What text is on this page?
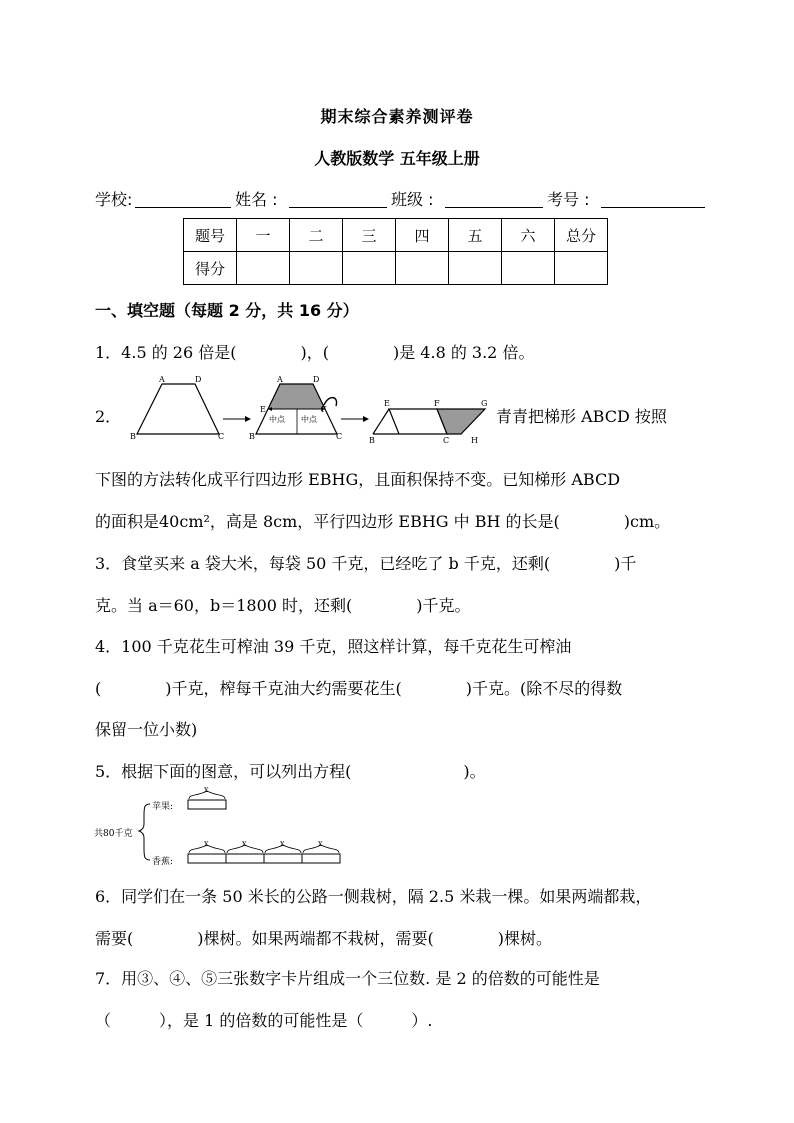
期末综合素养测评卷
人教版数学 五年级上册
学校:	姓名 :	班级 :	考号 :
题号	一	二	三	四	五	六	总分
得分							
一、填空题（每题 2 分，共 16 分）
1．4.5 的 26 倍是(　　　　)，(　　　　)是 4.8 的 3.2 倍。
2．
A	D
B	C
A	D
E	F
中点 中点
B	C
E	F	G
B	C	H
青青把梯形 ABCD 按照
下图的方法转化成平行四边形 EBHG，且面积保持不变。已知梯形 ABCD
的面积是40cm²，高是 8cm，平行四边形 EBHG 中 BH 的长是(　　　　)cm。
3．食堂买来 a 袋大米，每袋 50 千克，已经吃了 b 千克，还剩(　　　　)千
克。当 a＝60，b＝1800 时，还剩(　　　　)千克。
4．100 千克花生可榨油 39 千克，照这样计算，每千克花生可榨油
(　　　　)千克，榨每千克油大约需要花生(　　　　)千克。(除不尽的得数
保留一位小数)
5．根据下面的图意，可以列出方程(　　　　　　　)。
共80千克
苹果:
x
香蕉:
x	x	x	x
6．同学们在一条 50 米长的公路一侧栽树，隔 2.5 米栽一棵。如果两端都栽，
需要(　　　　)棵树。如果两端都不栽树，需要(　　　　)棵树。
7．用③、④、⑤三张数字卡片组成一个三位数. 是 2 的倍数的可能性是
（　　　），是 1 的倍数的可能性是（　　　）.
